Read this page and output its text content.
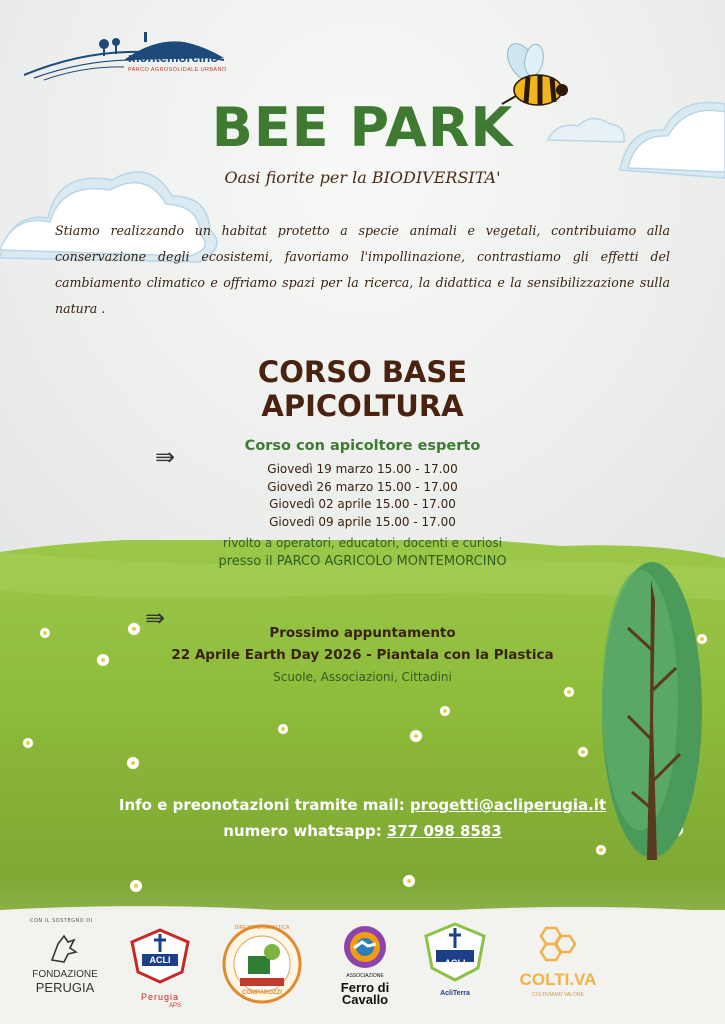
montemorcino
PARCO AGROSOLIDALE URBANO
BEE PARK
Oasi fiorite per la BIODIVERSITA'
Stiamo realizzando un habitat protetto a specie animali e vegetali, contribuiamo alla conservazione degli ecosistemi, favoriamo l'impollinazione, contrastiamo gli effetti del cambiamento climatico e offriamo spazi per la ricerca, la didattica e la sensibilizzazione sulla natura .
CORSO BASE
APICOLTURA
⇛	Corso con apicoltore esperto
Giovedì 19 marzo 15.00 - 17.00
Giovedì 26 marzo 15.00 - 17.00
Giovedì 02 aprile 15.00 - 17.00
Giovedì 09 aprile 15.00 - 17.00
rivolto a operatori, educatori, docenti e curiosi
presso il PARCO AGRICOLO MONTEMORCINO
⇛
Prossimo appuntamento
22 Aprile Earth Day 2026 - Piantala con la Plastica
Scuole, Associazioni, Cittadini
Info e preonotazioni tramite mail: progetti@acliperugia.it
numero whatsapp: 377 098 8583
CON IL SOSTEGNO DI
FONDAZIONE
PERUGIA
ACLI
Perugia
APS
DIREZIONE DIDATTICA
COMPAROZZI
ASSOCIAZIONE
Ferro di
Cavallo
ACLI
AcliTerra
COLTI.VA
COLTIVIAMO VALORE
